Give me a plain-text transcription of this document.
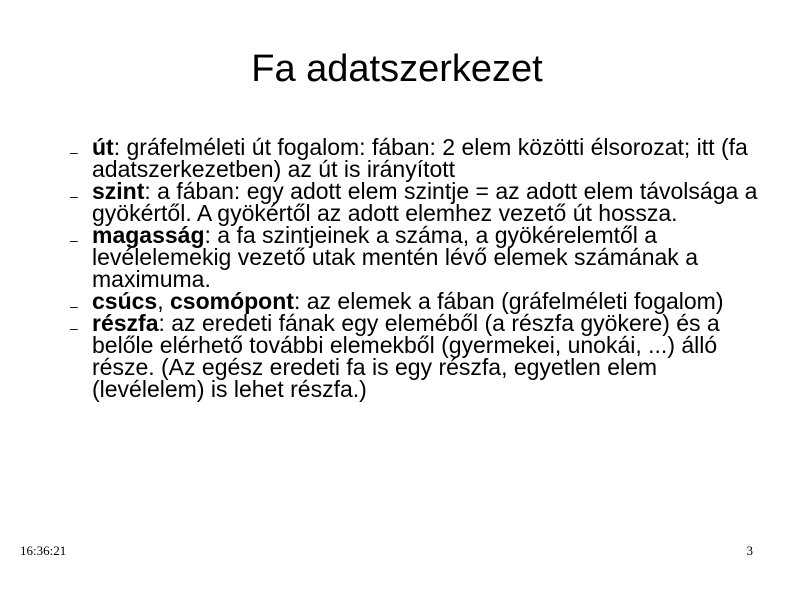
Fa adatszerkezet
– út: gráfelméleti út fogalom: fában: 2 elem közötti élsorozat; itt (fa adatszerkezetben) az út is irányított
– szint: a fában: egy adott elem szintje = az adott elem távolsága a gyökértől. A gyökértől az adott elemhez vezető út hossza.
– magasság: a fa szintjeinek a száma, a gyökérelemtől a levélelemekig vezető utak mentén lévő elemek számának a maximuma.
– csúcs, csomópont: az elemek a fában (gráfelméleti fogalom)
– részfa: az eredeti fának egy eleméből (a részfa gyökere) és a belőle elérhető további elemekből (gyermekei, unokái, ...) álló része. (Az egész eredeti fa is egy részfa, egyetlen elem (levélelem) is lehet részfa.)
16:36:21	3
